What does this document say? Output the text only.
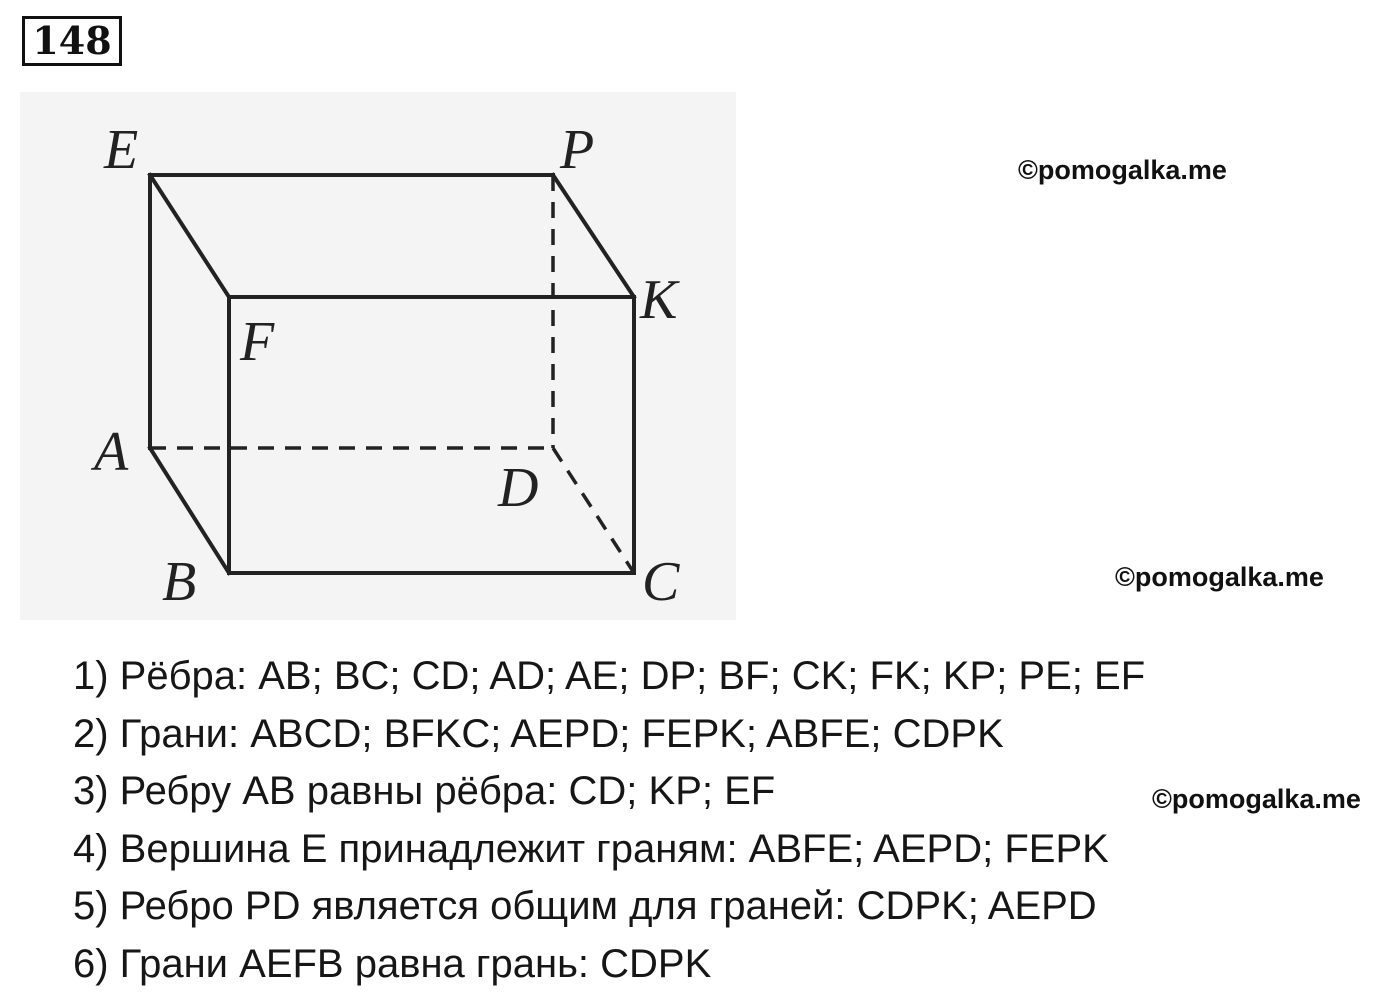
148
E	P
K
F
A
D
B	C
©pomogalka.me
©pomogalka.me
©pomogalka.me
1) Рёбра: AB; BC; CD; AD; AE; DP; BF; CK; FK; KP; PE; EF
2) Грани: ABCD; BFKC; AEPD; FEPK; ABFE; CDPK
3) Ребру AB равны рёбра: CD; KP; EF
4) Вершина E принадлежит граням: ABFE; AEPD; FEPK
5) Ребро PD является общим для граней: CDPK; AEPD
6) Грани AEFB равна грань: CDPK
